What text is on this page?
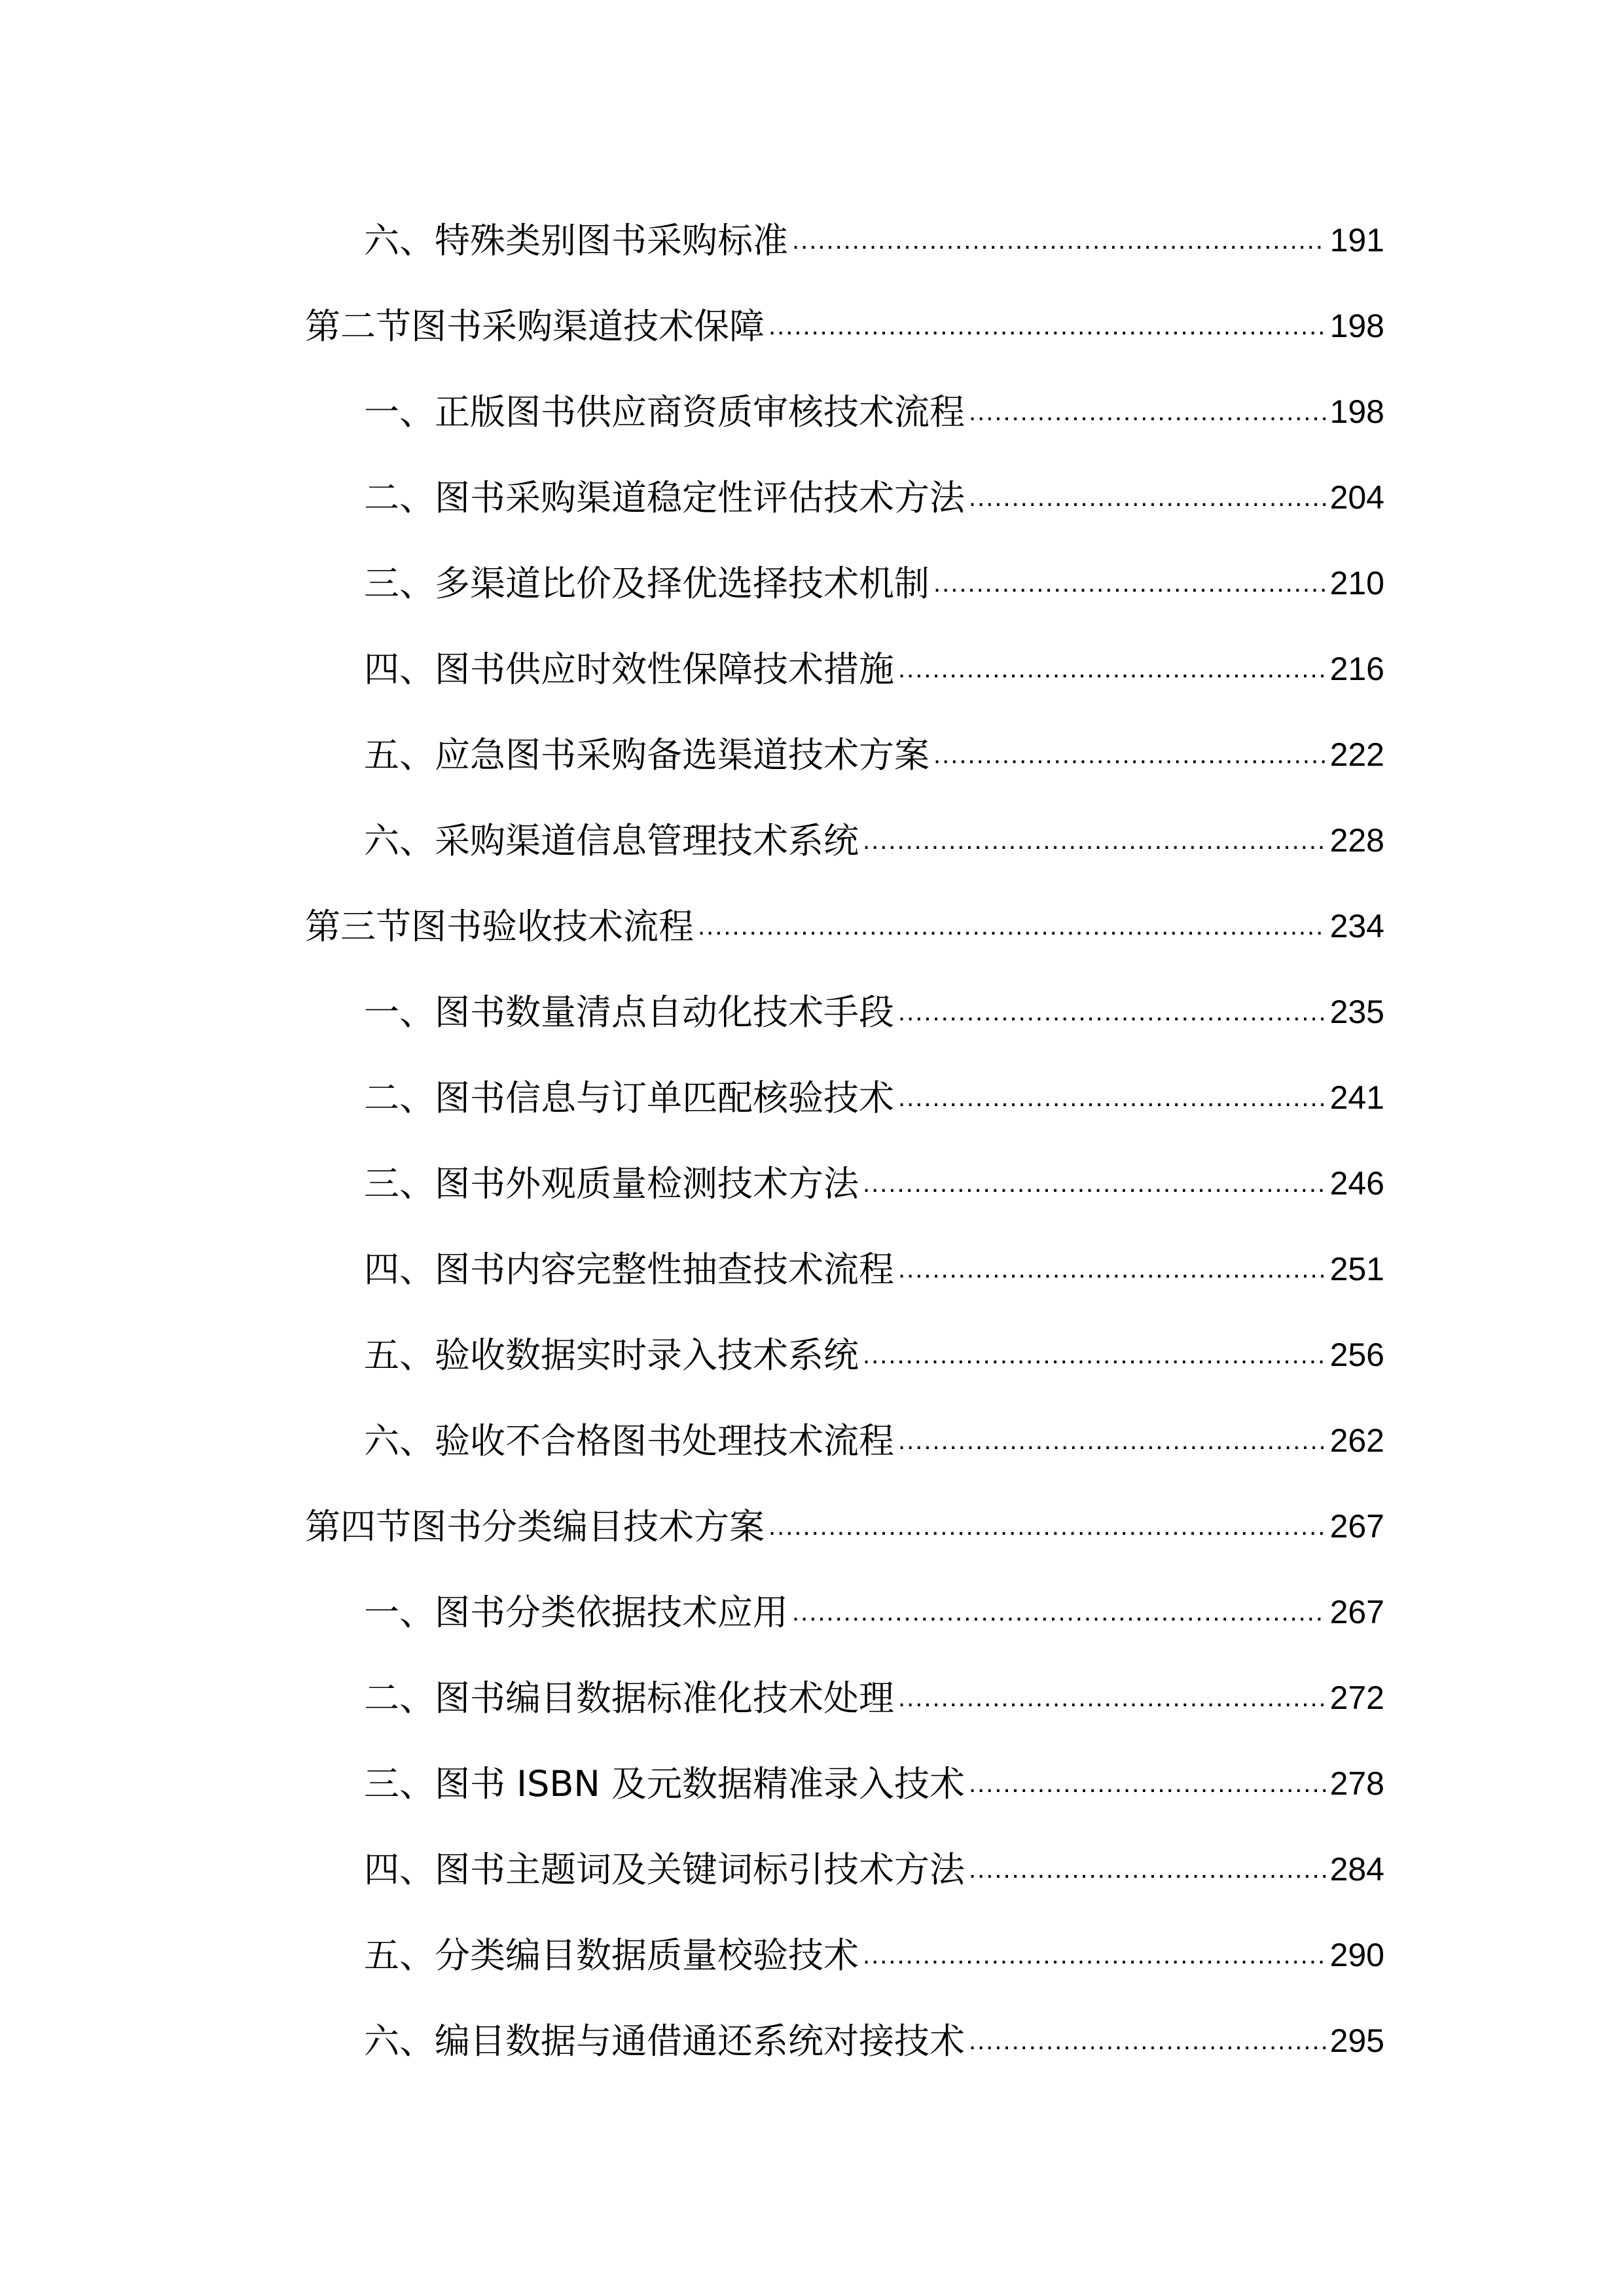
六、特殊类别图书采购标准 .....	191
第二节图书采购渠道技术保障 .....	198
一、正版图书供应商资质审核技术流程 .....	198
二、图书采购渠道稳定性评估技术方法 .....	204
三、多渠道比价及择优选择技术机制 .....	210
四、图书供应时效性保障技术措施 .....	216
五、应急图书采购备选渠道技术方案 .....	222
六、采购渠道信息管理技术系统 .....	228
第三节图书验收技术流程 .....	234
一、图书数量清点自动化技术手段 .....	235
二、图书信息与订单匹配核验技术 .....	241
三、图书外观质量检测技术方法 .....	246
四、图书内容完整性抽查技术流程 .....	251
五、验收数据实时录入技术系统 .....	256
六、验收不合格图书处理技术流程 .....	262
第四节图书分类编目技术方案 .....	267
一、图书分类依据技术应用 .....	267
二、图书编目数据标准化技术处理 .....	272
三、图书 ISBN 及元数据精准录入技术 .....	278
四、图书主题词及关键词标引技术方法 .....	284
五、分类编目数据质量校验技术 .....	290
六、编目数据与通借通还系统对接技术 .....	295
